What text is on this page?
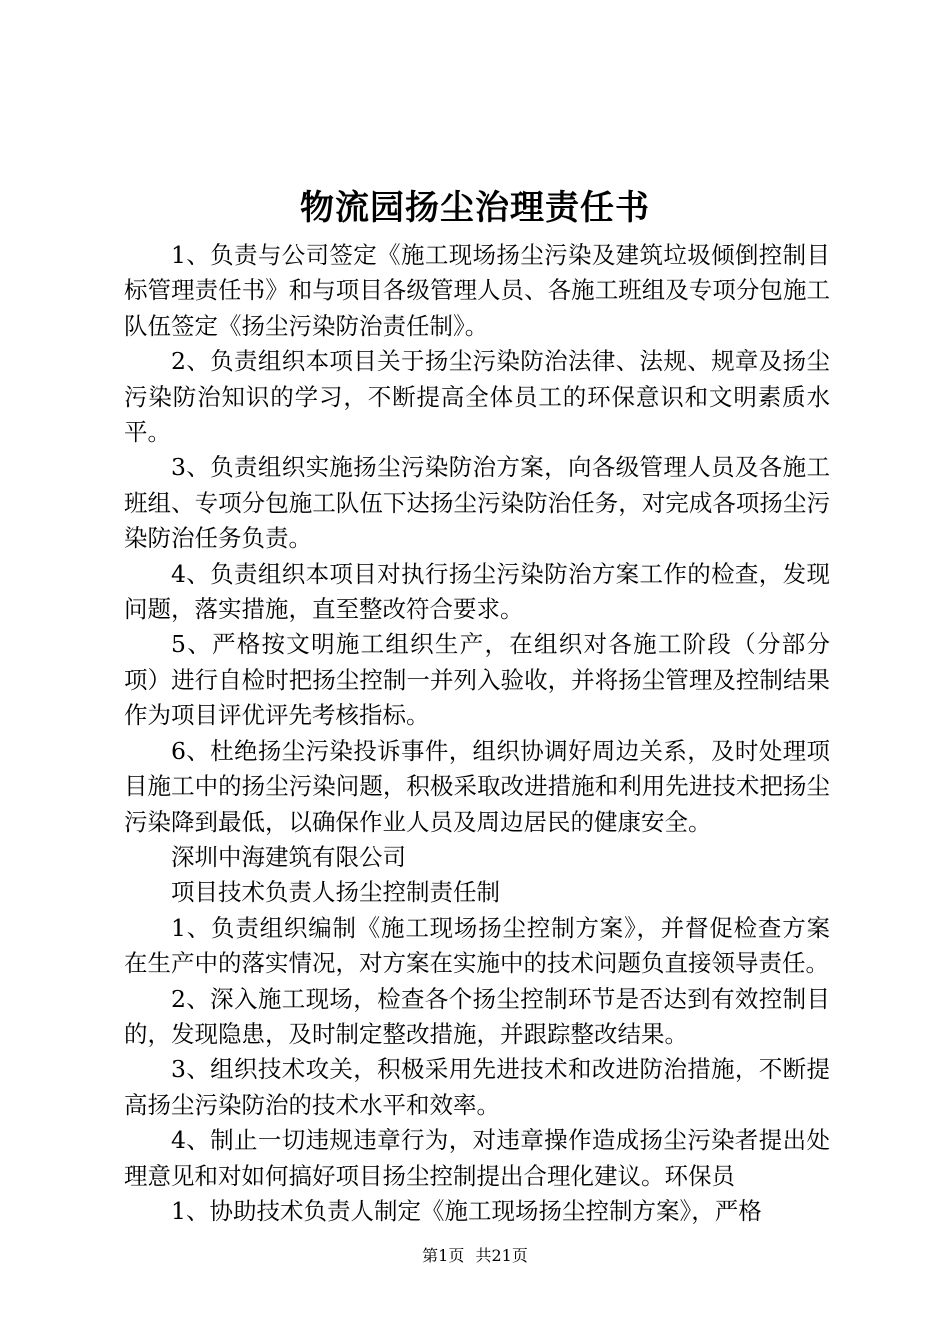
物流园扬尘治理责任书

1、负责与公司签定《施工现场扬尘污染及建筑垃圾倾倒控制目标管理责任书》和与项目各级管理人员、各施工班组及专项分包施工队伍签定《扬尘污染防治责任制》。

2、负责组织本项目关于扬尘污染防治法律、法规、规章及扬尘污染防治知识的学习，不断提高全体员工的环保意识和文明素质水平。

3、负责组织实施扬尘污染防治方案，向各级管理人员及各施工班组、专项分包施工队伍下达扬尘污染防治任务，对完成各项扬尘污染防治任务负责。

4、负责组织本项目对执行扬尘污染防治方案工作的检查，发现问题，落实措施，直至整改符合要求。

5、严格按文明施工组织生产，在组织对各施工阶段（分部分项）进行自检时把扬尘控制一并列入验收，并将扬尘管理及控制结果作为项目评优评先考核指标。

6、杜绝扬尘污染投诉事件，组织协调好周边关系，及时处理项目施工中的扬尘污染问题，积极采取改进措施和利用先进技术把扬尘污染降到最低，以确保作业人员及周边居民的健康安全。

深圳中海建筑有限公司

项目技术负责人扬尘控制责任制

1、负责组织编制《施工现场扬尘控制方案》，并督促检查方案在生产中的落实情况，对方案在实施中的技术问题负直接领导责任。

2、深入施工现场，检查各个扬尘控制环节是否达到有效控制目的，发现隐患，及时制定整改措施，并跟踪整改结果。

3、组织技术攻关，积极采用先进技术和改进防治措施，不断提高扬尘污染防治的技术水平和效率。

4、制止一切违规违章行为，对违章操作造成扬尘污染者提出处理意见和对如何搞好项目扬尘控制提出合理化建议。环保员

1、协助技术负责人制定《施工现场扬尘控制方案》，严格

第1页 共21页
